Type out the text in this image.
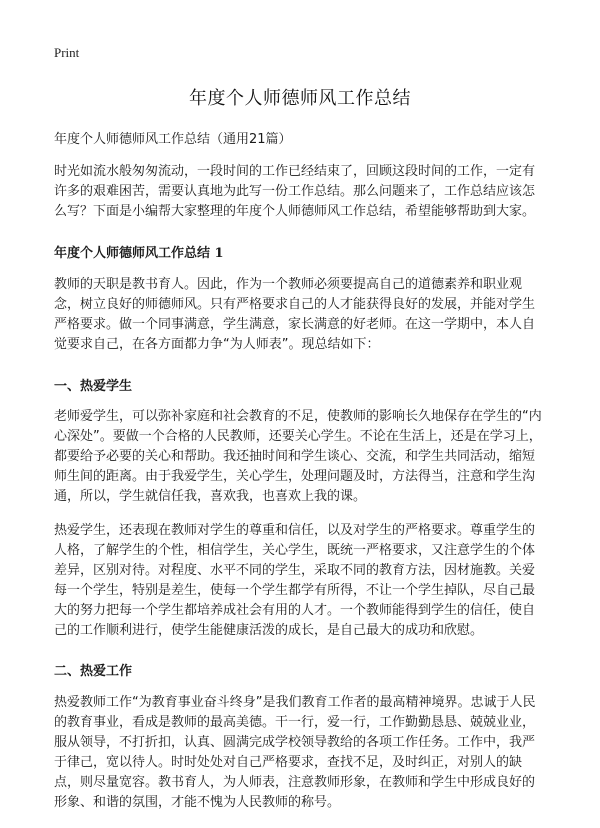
Print
年度个人师德师风工作总结
年度个人师德师风工作总结（通用21篇）

时光如流水般匆匆流动，一段时间的工作已经结束了，回顾这段时间的工作，一定有许多的艰难困苦，需要认真地为此写一份工作总结。那么问题来了，工作总结应该怎么写？下面是小编帮大家整理的年度个人师德师风工作总结，希望能够帮助到大家。

年度个人师德师风工作总结 1

教师的天职是教书育人。因此，作为一个教师必须要提高自己的道德素养和职业观念，树立良好的师德师风。只有严格要求自己的人才能获得良好的发展，并能对学生严格要求。做一个同事满意，学生满意，家长满意的好老师。在这一学期中，本人自觉要求自己，在各方面都力争“为人师表”。现总结如下：

一、热爱学生

老师爱学生，可以弥补家庭和社会教育的不足，使教师的影响长久地保存在学生的“内心深处”。要做一个合格的人民教师，还要关心学生。不论在生活上，还是在学习上，都要给予必要的关心和帮助。我还抽时间和学生谈心、交流，和学生共同活动，缩短师生间的距离。由于我爱学生，关心学生，处理问题及时，方法得当，注意和学生沟通，所以，学生就信任我，喜欢我，也喜欢上我的课。

热爱学生，还表现在教师对学生的尊重和信任，以及对学生的严格要求。尊重学生的人格，了解学生的个性，相信学生，关心学生，既统一严格要求，又注意学生的个体差异，区别对待。对程度、水平不同的学生，采取不同的教育方法，因材施教。关爱每一个学生，特别是差生，使每一个学生都学有所得，不让一个学生掉队，尽自己最大的努力把每一个学生都培养成社会有用的人才。一个教师能得到学生的信任，使自己的工作顺利进行，使学生能健康活泼的成长，是自己最大的成功和欣慰。

二、热爱工作

热爱教师工作“为教育事业奋斗终身”是我们教育工作者的最高精神境界。忠诚于人民的教育事业，看成是教师的最高美德。干一行，爱一行，工作勤勤恳恳、兢兢业业，服从领导，不打折扣，认真、圆满完成学校领导教给的各项工作任务。工作中，我严于律己，宽以待人。时时处处对自己严格要求，查找不足，及时纠正，对别人的缺点，则尽量宽容。教书育人，为人师表，注意教师形象，在教师和学生中形成良好的形象、和谐的氛围，才能不愧为人民教师的称号。
